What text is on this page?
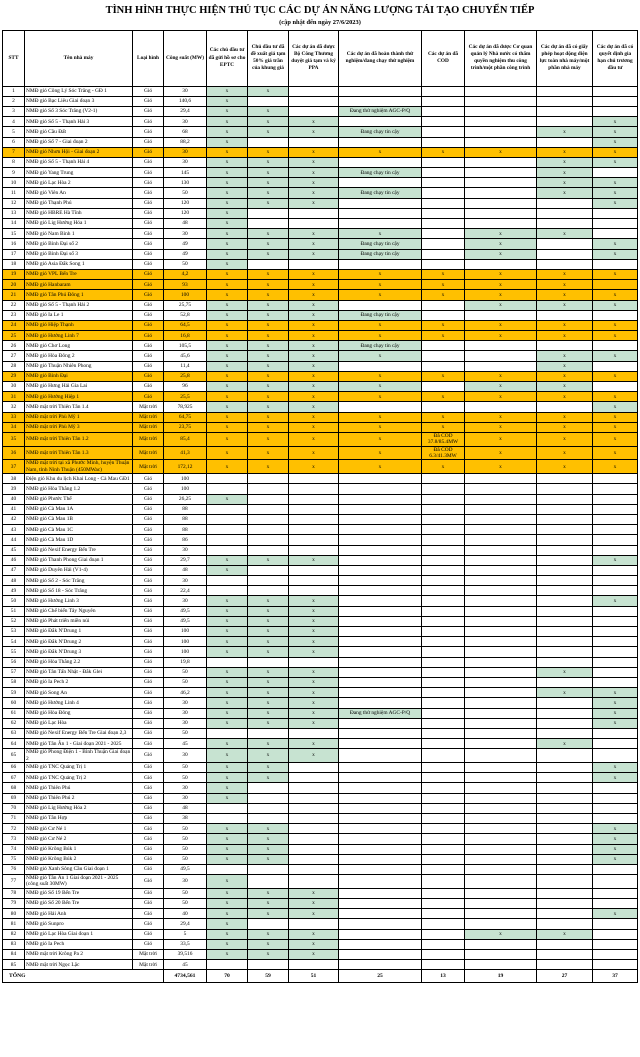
TÌNH HÌNH THỰC HIỆN THỦ TỤC CÁC DỰ ÁN NĂNG LƯỢNG TÁI TẠO CHUYỂN TIẾP
(cập nhật đến ngày 27/6/2023)
STT	Tên nhà máy	Loại hình	Công suất (MW)	Các chủ đầu tư đã gửi hồ sơ cho EPTC	Chủ đầu tư đã đề xuất giá tạm 50% giá trần của khung giá	Các dự án đã được Bộ Công Thương duyệt giá tạm và ký PPA	Các dự án đã hoàn thành thử nghiệm/đang chạy thử nghiệm	Các dự án đã COD	Các dự án đã được Cơ quan quản lý Nhà nước có thẩm quyền nghiệm thu công trình/một phần công trình	Các dự án đã có giấy phép hoạt động điện lực toàn nhà máy/một phần nhà máy	Các dự án đã có quyết định gia hạn chủ trương đầu tư
1	NMĐ gió Công Lý Sóc Trăng - GĐ 1	Gió	30	x	x						
2	NMĐ gió Bạc Liêu Giai đoạn 3	Gió	140,6	x							
3	NMĐ gió Số 3 Sóc Trăng (V2-1)	Gió	29,4	x	x		Đang thử nghiệm AGC-P/Q				
4	NMĐ gió Số 5 - Thạnh Hải 3	Gió	30	x	x	x					x
5	NMĐ gió Cầu Đất	Gió	68	x	x	x	Đang chạy tin cậy			x	x
6	NMĐ gió Số 7 - Giai đoạn 2	Gió	88,2	x							x
7	NMĐ gió Nhơn Hội - Giai đoạn 2	Gió	30	x	x	x	x	x	x	x	x
8	NMĐ gió Số 5 - Thạnh Hải 4	Gió	30	x	x	x				x	x
9	NMĐ gió Yang Trung	Gió	145	x	x	x	Đang chạy tin cậy			x	
10	NMĐ gió Lạc Hòa 2	Gió	130	x	x	x				x	x
11	NMĐ gió Viên An	Gió	50	x	x	x	Đang chạy tin cậy			x	x
12	NMĐ gió Thạnh Phú	Gió	120	x	x	x					x
13	NMĐ gió HBRE Hà Tĩnh	Gió	120	x							
14	NMĐ gió Lig Hướng Hóa 1	Gió	48	x							
15	NMĐ gió Nam Bình 1	Gió	30	x	x	x	x		x	x	
16	NMĐ gió Bình Đại số 2	Gió	49	x	x	x	Đang chạy tin cậy		x		x
17	NMĐ gió Bình Đại số 3	Gió	49	x	x	x	Đang chạy tin cậy		x		x
18	NMĐ gió Asia Đắk Song 1	Gió	50	x							
19	NMĐ gió VPL Bến Tre	Gió	4,2	x	x	x	x	x	x	x	x
20	NMĐ gió Hanbaram	Gió	93	x	x	x	x	x	x	x	
21	NMĐ gió Tân Phú Đông 1	Gió	100	x	x	x	x	x	x	x	x
22	NMĐ gió Số 5 - Thạnh Hải 2	Gió	25,75	x	x	x			x	x	x
23	NMĐ gió Ia Le 1	Gió	52,8	x	x	x	Đang chạy tin cậy				
24	NMĐ gió Hiệp Thạnh	Gió	64,5	x	x	x	x	x	x	x	x
25	NMĐ gió Hướng Linh 7	Gió	16,8	x	x	x	x	x	x	x	x
26	NMĐ gió Chơ Long	Gió	105,5	x	x	x	Đang chạy tin cậy				
27	NMĐ gió Hòa Đông 2	Gió	45,6	x	x	x	x			x	x
28	NMĐ gió Thuận Nhiên Phong	Gió	11,4	x	x	x				x	
29	NMĐ gió Bình Đại	Gió	25,8	x	x	x	x	x	x	x	x
30	NMĐ gió Hưng Hải Gia Lai	Gió	96	x	x	x	x		x	x	
31	NMĐ gió Hướng Hiệp 1	Gió	25,5	x	x	x	x	x	x	x	x
32	NMĐ mặt trời Thiên Tân 1.4	Mặt trời	78,925	x	x	x					x
33	NMĐ mặt trời Phù Mỹ 1	Mặt trời	64,75	x	x	x	x	x	x	x	x
34	NMĐ mặt trời Phù Mỹ 3	Mặt trời	23,75	x	x	x	x	x	x	x	x
35	NMĐ mặt trời Thiên Tân 1.2	Mặt trời	85,4	x	x	x	x	Đã COD 37.8/85.4MW	x	x	x
36	NMĐ mặt trời Thiên Tân 1.3	Mặt trời	41,3	x	x	x	x	Đã COD 6.3/41.3MW	x	x	x
37	NMĐ mặt trời tại xã Phước Minh, huyện Thuận Nam, tỉnh Ninh Thuận (450MWac)	Mặt trời	172,12	x	x	x	x	x	x	x	x
38	Điện gió Khu du lịch Khai Long - Cà Mau GĐ1	Gió	100								
39	NMĐ gió Hòa Thắng 1.2	Gió	100								
40	NMĐ gió Phước Thể	Gió	26,25	x							
41	NMĐ gió Cà Mau 1A	Gió	88								
42	NMĐ gió Cà Mau 1B	Gió	88								
43	NMĐ gió Cà Mau 1C	Gió	88								
44	NMĐ gió Cà Mau 1D	Gió	86								
45	NMĐ gió Nexif Energy Bến Tre	Gió	30								
46	NMĐ gió Thanh Phong Giai đoạn 1	Gió	29,7	x	x	x					x
47	NMĐ gió Duyên Hải (V1-4)	Gió	48	x							
48	NMĐ gió Số 2 - Sóc Trăng	Gió	30								
49	NMĐ gió Số 18 - Sóc Trăng	Gió	22,4								
50	NMĐ gió Hướng Linh 3	Gió	30	x	x	x					x
51	NMĐ gió Chế biến Tây Nguyên	Gió	49,5	x	x	x					
52	NMĐ gió Phát triển miền núi	Gió	49,5	x	x	x					
53	NMĐ gió Đắk N'Drung 1	Gió	100	x	x	x					
54	NMĐ gió Đắk N'Drung 2	Gió	100	x	x	x					
55	NMĐ gió Đắk N'Drung 3	Gió	100	x	x	x					
56	NMĐ gió Hòa Thắng 2.2	Gió	19,8								
57	NMĐ gió Tân Tấn Nhật - Đắk Glei	Gió	50	x	x	x				x	
58	NMĐ gió Ia Pech 2	Gió	50	x	x	x					
59	NMĐ gió Song An	Gió	46,2	x	x	x				x	x
60	NMĐ gió Hướng Linh 4	Gió	30	x	x	x					x
61	NMĐ gió Hòa Đông	Gió	30	x	x	x	Đang thử nghiệm AGC-P/Q				x
62	NMĐ gió Lạc Hòa	Gió	30	x	x	x					x
63	NMĐ gió Nexif Energy Bến Tre Giai đoạn 2,3	Gió	50								
64	NMĐ gió Tân Ân 1 - Giai đoạn 2021 - 2025	Gió	45	x	x	x				x	
65	NMĐ gió Phong Điện 1 - Bình Thuận Giai đoạn 2	Gió	30	x	x	x					
66	NMĐ gió TNC Quảng Trị 1	Gió	50	x	x						x
67	NMĐ gió TNC Quảng Trị 2	Gió	50	x	x						x
68	NMĐ gió Thiên Phú	Gió	30	x							
69	NMĐ gió Thiên Phú 2	Gió	30	x							
70	NMĐ gió Lig Hướng Hóa 2	Gió	48								
71	NMĐ gió Tân Hợp	Gió	38								
72	NMĐ gió Cư Né 1	Gió	50	x	x						x
73	NMĐ gió Cư Né 2	Gió	50	x	x						x
74	NMĐ gió Krông Búk 1	Gió	50	x	x						x
75	NMĐ gió Krông Búk 2	Gió	50	x	x						x
76	NMĐ gió Xanh Sông Cầu Giai đoạn 1	Gió	49,5								
77	NMĐ gió Tân Ân 1 Giai đoạn 2021 - 2025 (công suất 30MW)	Gió	30	x							
78	NMĐ gió Số 19 Bến Tre	Gió	50	x	x	x					
79	NMĐ gió Số 20 Bến Tre	Gió	50	x	x	x					
80	NMĐ gió Hải Anh	Gió	40	x	x	x					x
81	NMĐ gió Sunpro	Gió	29,4	x							
82	NMĐ gió Lạc Hòa Giai đoạn 1	Gió	5	x	x	x			x	x	
83	NMĐ gió Ia Pech	Gió	33,5	x	x	x					
84	NMĐ mặt trời Krông Pa 2	Mặt trời	39,516	x	x	x					
85	NMĐ mặt trời Ngọc Lặc	Mặt trời	45								
TỔNG			4734,561	70	59	51	25	13	19	27	37
